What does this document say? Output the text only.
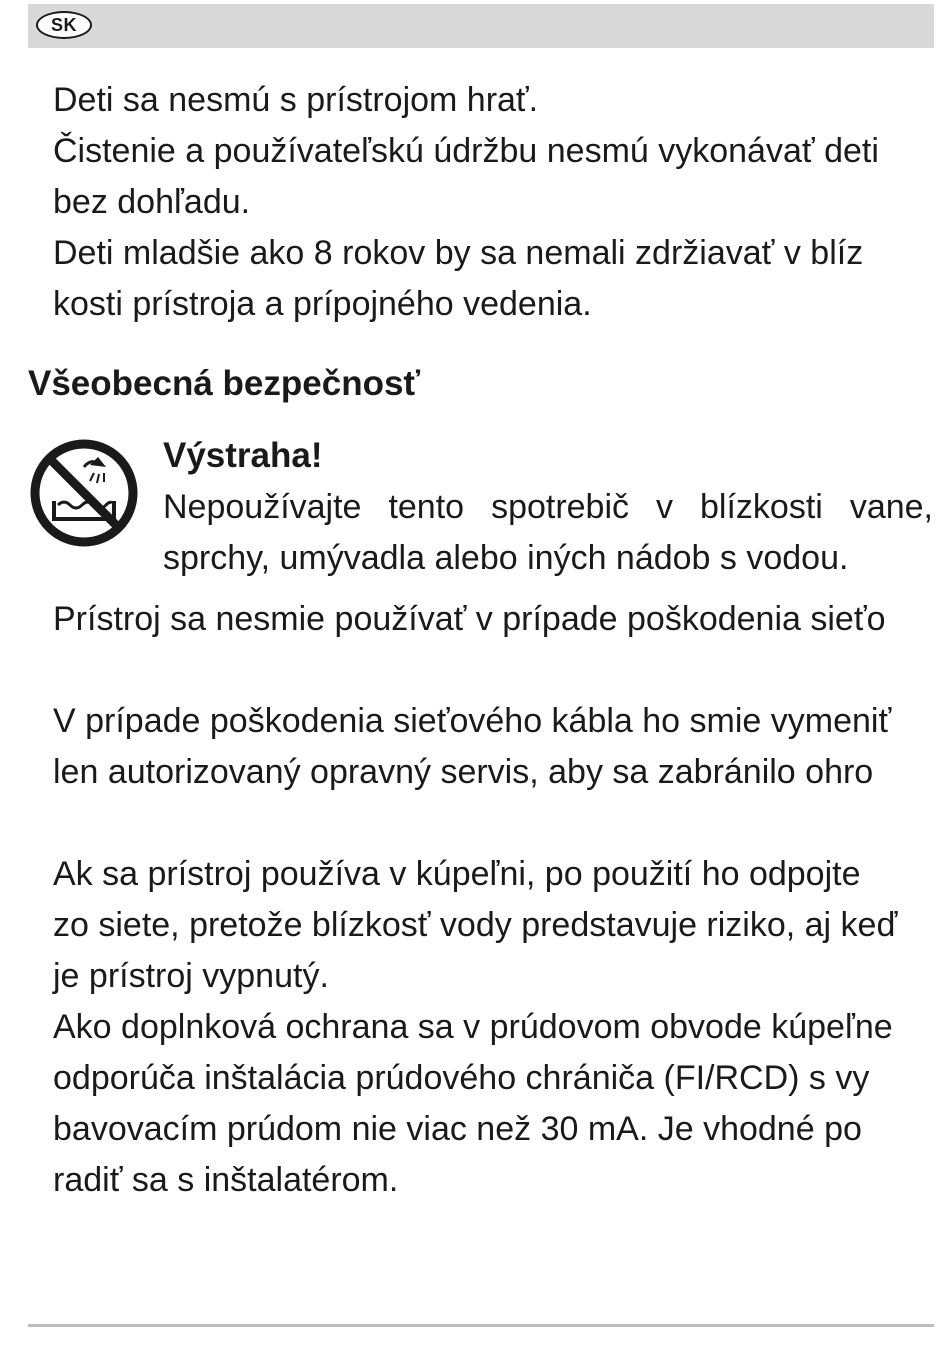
SK

Deti sa nesmú s prístrojom hrať.
Čistenie a používateľskú údržbu nesmú vykonávať deti
bez dohľadu.
Deti mladšie ako 8 rokov by sa nemali zdržiavať v blíz
kosti prístroja a prípojného vedenia.

Všeobecná bezpečnosť
Výstraha!
Nepoužívajte tento spotrebič v blízkosti vane,
sprchy, umývadla alebo iných nádob s vodou.

Prístroj sa nesmie používať v prípade poškodenia sieťo

V prípade poškodenia sieťového kábla ho smie vymeniť
len autorizovaný opravný servis, aby sa zabránilo ohro

Ak sa prístroj používa v kúpeľni, po použití ho odpojte
zo siete, pretože blízkosť vody predstavuje riziko, aj keď
je prístroj vypnutý.
Ako doplnková ochrana sa v prúdovom obvode kúpeľne
odporúča inštalácia prúdového chrániča (FI/RCD) s vy
bavovacím prúdom nie viac než 30 mA. Je vhodné po
radiť sa s inštalatérom.
